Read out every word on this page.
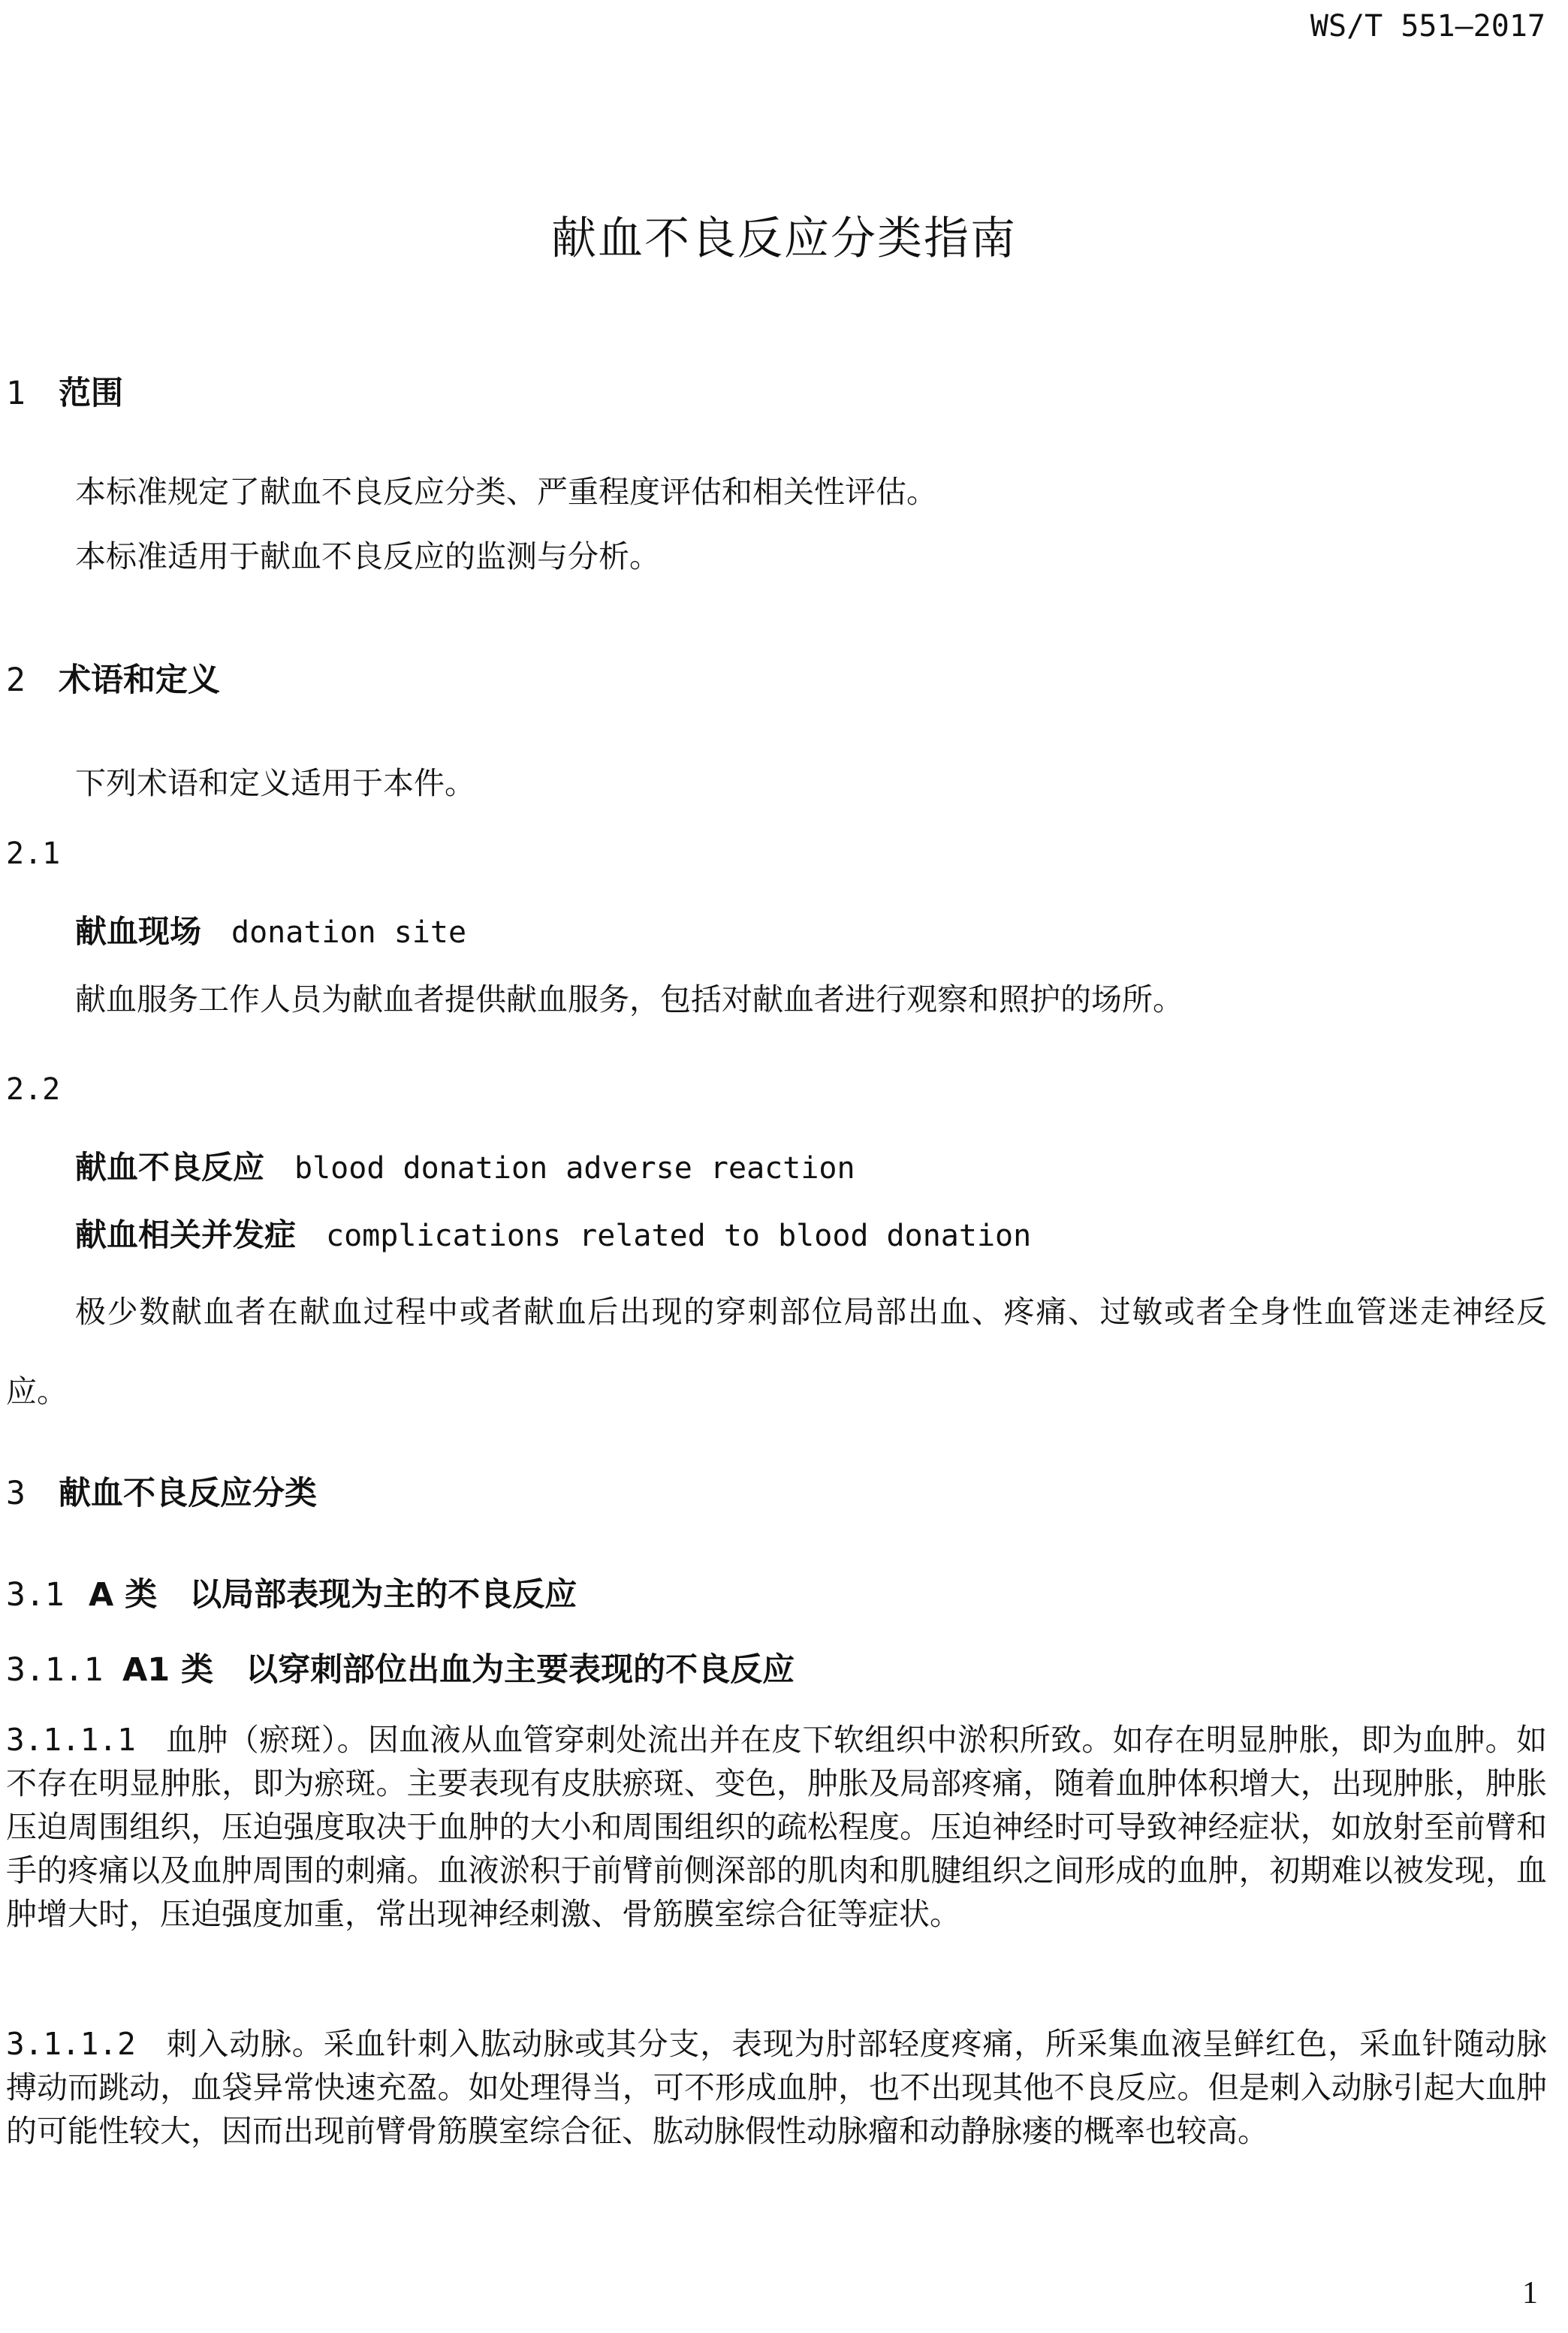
WS/T 551—2017
献血不良反应分类指南
1 范围
本标准规定了献血不良反应分类、严重程度评估和相关性评估。
本标准适用于献血不良反应的监测与分析。
2 术语和定义
下列术语和定义适用于本件。
2.1
献血现场 donation site
献血服务工作人员为献血者提供献血服务，包括对献血者进行观察和照护的场所。
2.2
献血不良反应 blood donation adverse reaction
献血相关并发症 complications related to blood donation
极少数献血者在献血过程中或者献血后出现的穿刺部位局部出血、疼痛、过敏或者全身性血管迷走神经反应。
3 献血不良反应分类
3.1 A 类　以局部表现为主的不良反应
3.1.1 A1 类　以穿刺部位出血为主要表现的不良反应
3.1.1.1 血肿（瘀斑）。因血液从血管穿刺处流出并在皮下软组织中淤积所致。如存在明显肿胀，即为血肿。如不存在明显肿胀，即为瘀斑。主要表现有皮肤瘀斑、变色，肿胀及局部疼痛，随着血肿体积增大，出现肿胀，肿胀压迫周围组织，压迫强度取决于血肿的大小和周围组织的疏松程度。压迫神经时可导致神经症状，如放射至前臂和手的疼痛以及血肿周围的刺痛。血液淤积于前臂前侧深部的肌肉和肌腱组织之间形成的血肿，初期难以被发现，血肿增大时，压迫强度加重，常出现神经刺激、骨筋膜室综合征等症状。
3.1.1.2 刺入动脉。采血针刺入肱动脉或其分支，表现为肘部轻度疼痛，所采集血液呈鲜红色，采血针随动脉搏动而跳动，血袋异常快速充盈。如处理得当，可不形成血肿，也不出现其他不良反应。但是刺入动脉引起大血肿的可能性较大，因而出现前臂骨筋膜室综合征、肱动脉假性动脉瘤和动静脉瘘的概率也较高。
1
